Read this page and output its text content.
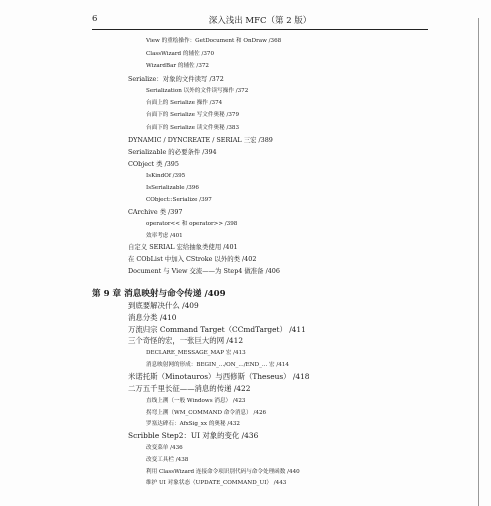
6	深入浅出 MFC（第 2 版）
View 的重绘操作：GetDocument 和 OnDraw /368
ClassWizard 的辅佐 /370
WizardBar 的辅佐 /372
Serialize：对象的文件读写 /372
Serialization 以外的文件读写操作 /372
台面上的 Serialize 操作 /374
台面下的 Serialize 写文件奥秘 /379
台面下的 Serialize 读文件奥秘 /383
DYNAMIC / DYNCREATE / SERIAL 三宏 /389
Serializable 的必要条件 /394
CObject 类 /395
IsKindOf /395
IsSerializable /396
CObject::Serialize /397
CArchive 类 /397
operator<< 和 operator>> /398
效率考虑 /401
自定义 SERIAL 宏给抽象类使用 /401
在 CObList 中加入 CStroke 以外的类 /402
Document 与 View 交流——为 Step4 做准备 /406
第 9 章 消息映射与命令传递 /409
到底要解决什么 /409
消息分类 /410
万流归宗 Command Target（CCmdTarget） /411
三个奇怪的宏，一张巨大的网 /412
DECLARE_MESSAGE_MAP 宏 /413
消息映射网的形成：BEGIN_.../ON_.../END_... 宏 /414
米诺托斯（Minotauros）与西修斯（Theseus） /418
二万五千里长征——消息的传递 /422
直线上溯（一般 Windows 消息） /423
拐弯上溯（WM_COMMAND 命令消息） /426
罗塞达碑石：AfxSig_xx 的奥秘 /432
Scribble Step2：UI 对象的变化 /436
改变菜单 /436
改变工具栏 /438
利用 ClassWizard 连接命令项识别代码与命令处理函数 /440
维护 UI 对象状态（UPDATE_COMMAND_UI） /443
